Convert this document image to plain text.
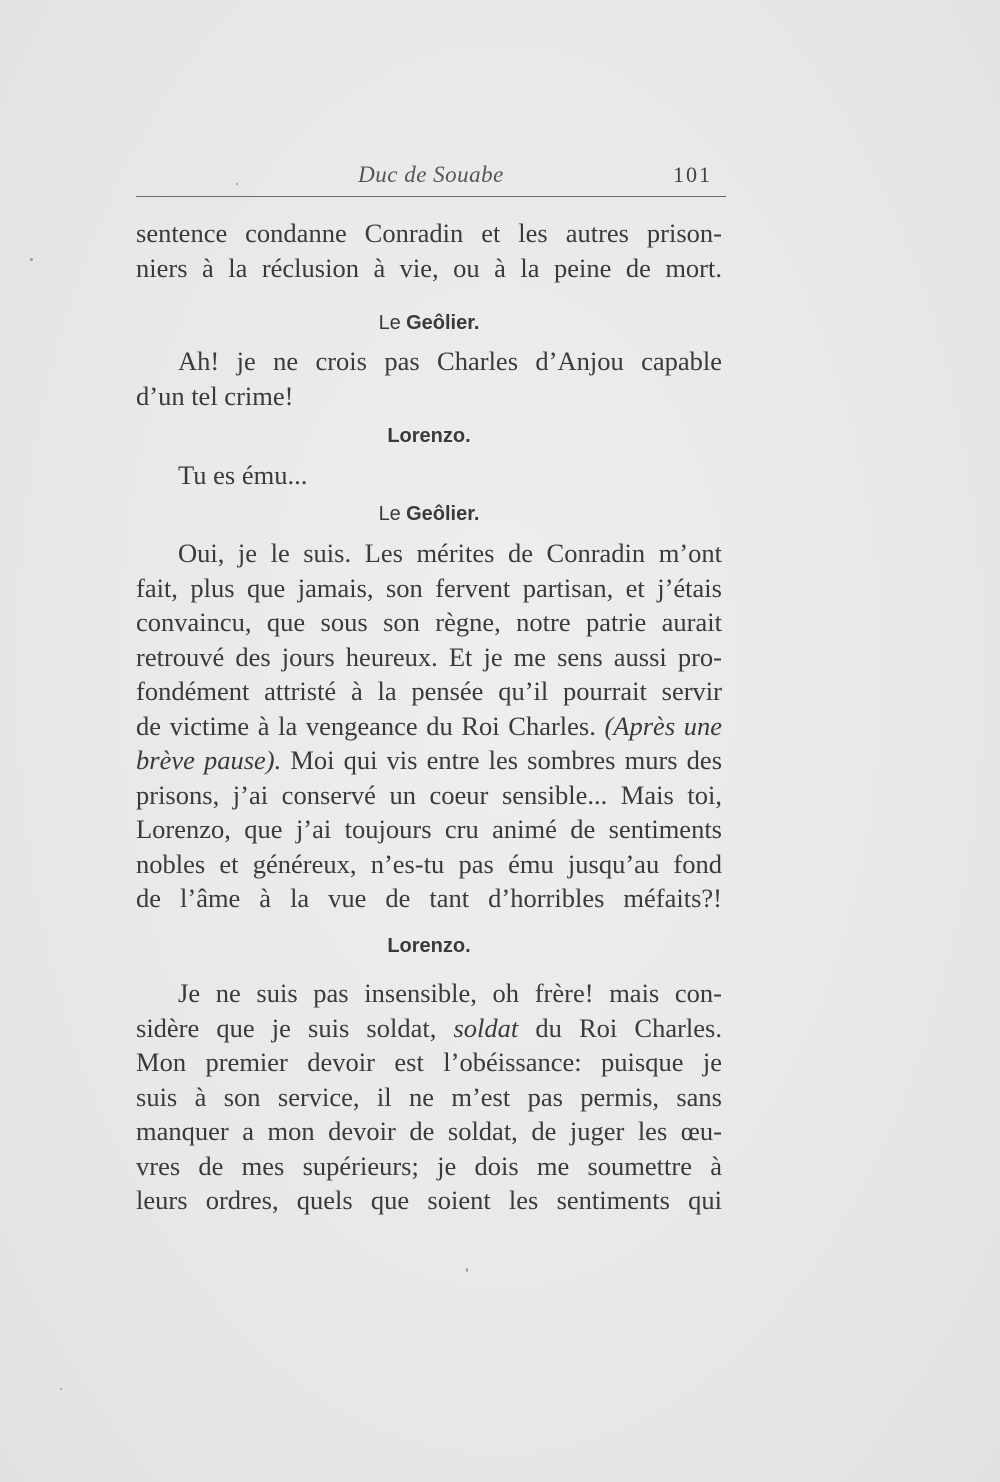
Duc de Souabe	101
sentence condanne Conradin et les autres prison-
niers à la réclusion à vie, ou à la peine de mort.
Le Geôlier.
Ah! je ne crois pas Charles d’Anjou capable
d’un tel crime!
Lorenzo.
Tu es ému...
Le Geôlier.
Oui, je le suis. Les mérites de Conradin m’ont
fait, plus que jamais, son fervent partisan, et j’étais
convaincu, que sous son règne, notre patrie aurait
retrouvé des jours heureux. Et je me sens aussi pro-
fondément attristé à la pensée qu’il pourrait servir
de victime à la vengeance du Roi Charles. (Après une
brève pause). Moi qui vis entre les sombres murs des
prisons, j’ai conservé un coeur sensible... Mais toi,
Lorenzo, que j’ai toujours cru animé de sentiments
nobles et généreux, n’es-tu pas ému jusqu’au fond
de l’âme à la vue de tant d’horribles méfaits?!
Lorenzo.
Je ne suis pas insensible, oh frère! mais con-
sidère que je suis soldat, soldat du Roi Charles.
Mon premier devoir est l’obéissance: puisque je
suis à son service, il ne m’est pas permis, sans
manquer a mon devoir de soldat, de juger les œu-
vres de mes supérieurs; je dois me soumettre à
leurs ordres, quels que soient les sentiments qui
